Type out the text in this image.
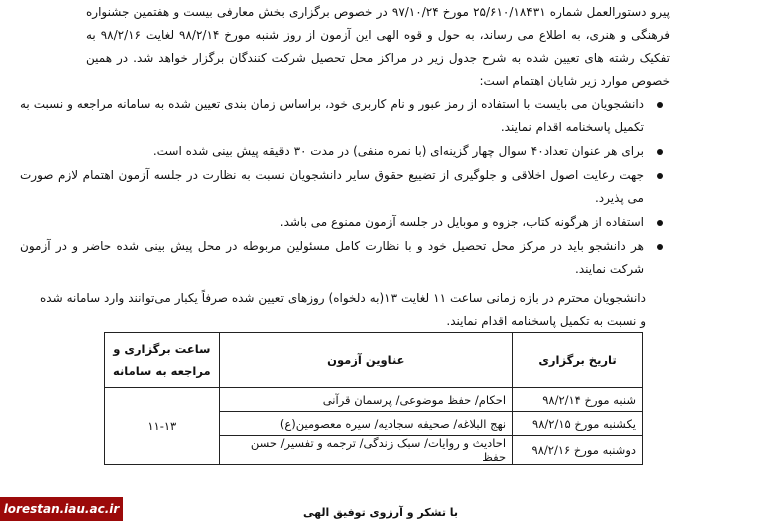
پیرو دستورالعمل شماره ۲۵/۶۱۰/۱۸۴۳۱ مورخ ۹۷/۱۰/۲۴ در خصوص برگزاری بخش معارفی بیست و هفتمین جشنواره فرهنگی و هنری، به اطلاع می رساند، به حول و قوه الهی این آزمون از روز شنبه مورخ ۹۸/۲/۱۴ لغایت ۹۸/۲/۱۶ به تفکیک رشته های تعیین شده به شرح جدول زیر در مراکز محل تحصیل شرکت کنندگان برگزار خواهد شد. در همین خصوص موارد زیر شایان اهتمام است:

دانشجویان می بایست با استفاده از رمز عبور و نام کاربری خود، براساس زمان بندی تعیین شده به سامانه مراجعه و نسبت به تکمیل پاسخنامه اقدام نمایند.
برای هر عنوان تعداد۴۰ سوال چهار گزینه‌ای (با نمره منفی) در مدت ۳۰ دقیقه پیش بینی شده است.
جهت رعایت اصول اخلاقی و جلوگیری از تضییع حقوق سایر دانشجویان نسبت به نظارت در جلسه آزمون اهتمام لازم صورت می پذیرد.
استفاده از هرگونه کتاب، جزوه و موبایل در جلسه آزمون ممنوع می باشد.
هر دانشجو باید در مرکز محل تحصیل خود و با نظارت کامل مسئولین مربوطه در محل پیش بینی شده حاضر و در آزمون شرکت نمایند.

دانشجویان محترم در بازه زمانی ساعت ۱۱ لغایت ۱۳(به دلخواه) روزهای تعیین شده صرفاً یکبار می‌توانند وارد سامانه شده و نسبت به تکمیل پاسخنامه اقدام نمایند.

تاریخ برگزاری	عناوین آزمون	ساعت برگزاری و مراجعه به سامانه
شنبه مورخ ۹۸/۲/۱۴	احکام/ حفظ موضوعی/ پرسمان قرآنی	۱۱-۱۳
یکشنبه مورخ ۹۸/۲/۱۵	نهج البلاغه/ صحیفه سجادیه/ سیره معصومین(ع)	
دوشنبه مورخ ۹۸/۲/۱۶	احادیث و روایات/ سبک زندگی/ ترجمه و تفسیر/ حسن حفظ	
lorestan.iau.ac.ir	با تشکر و آرزوی توفیق الهی
